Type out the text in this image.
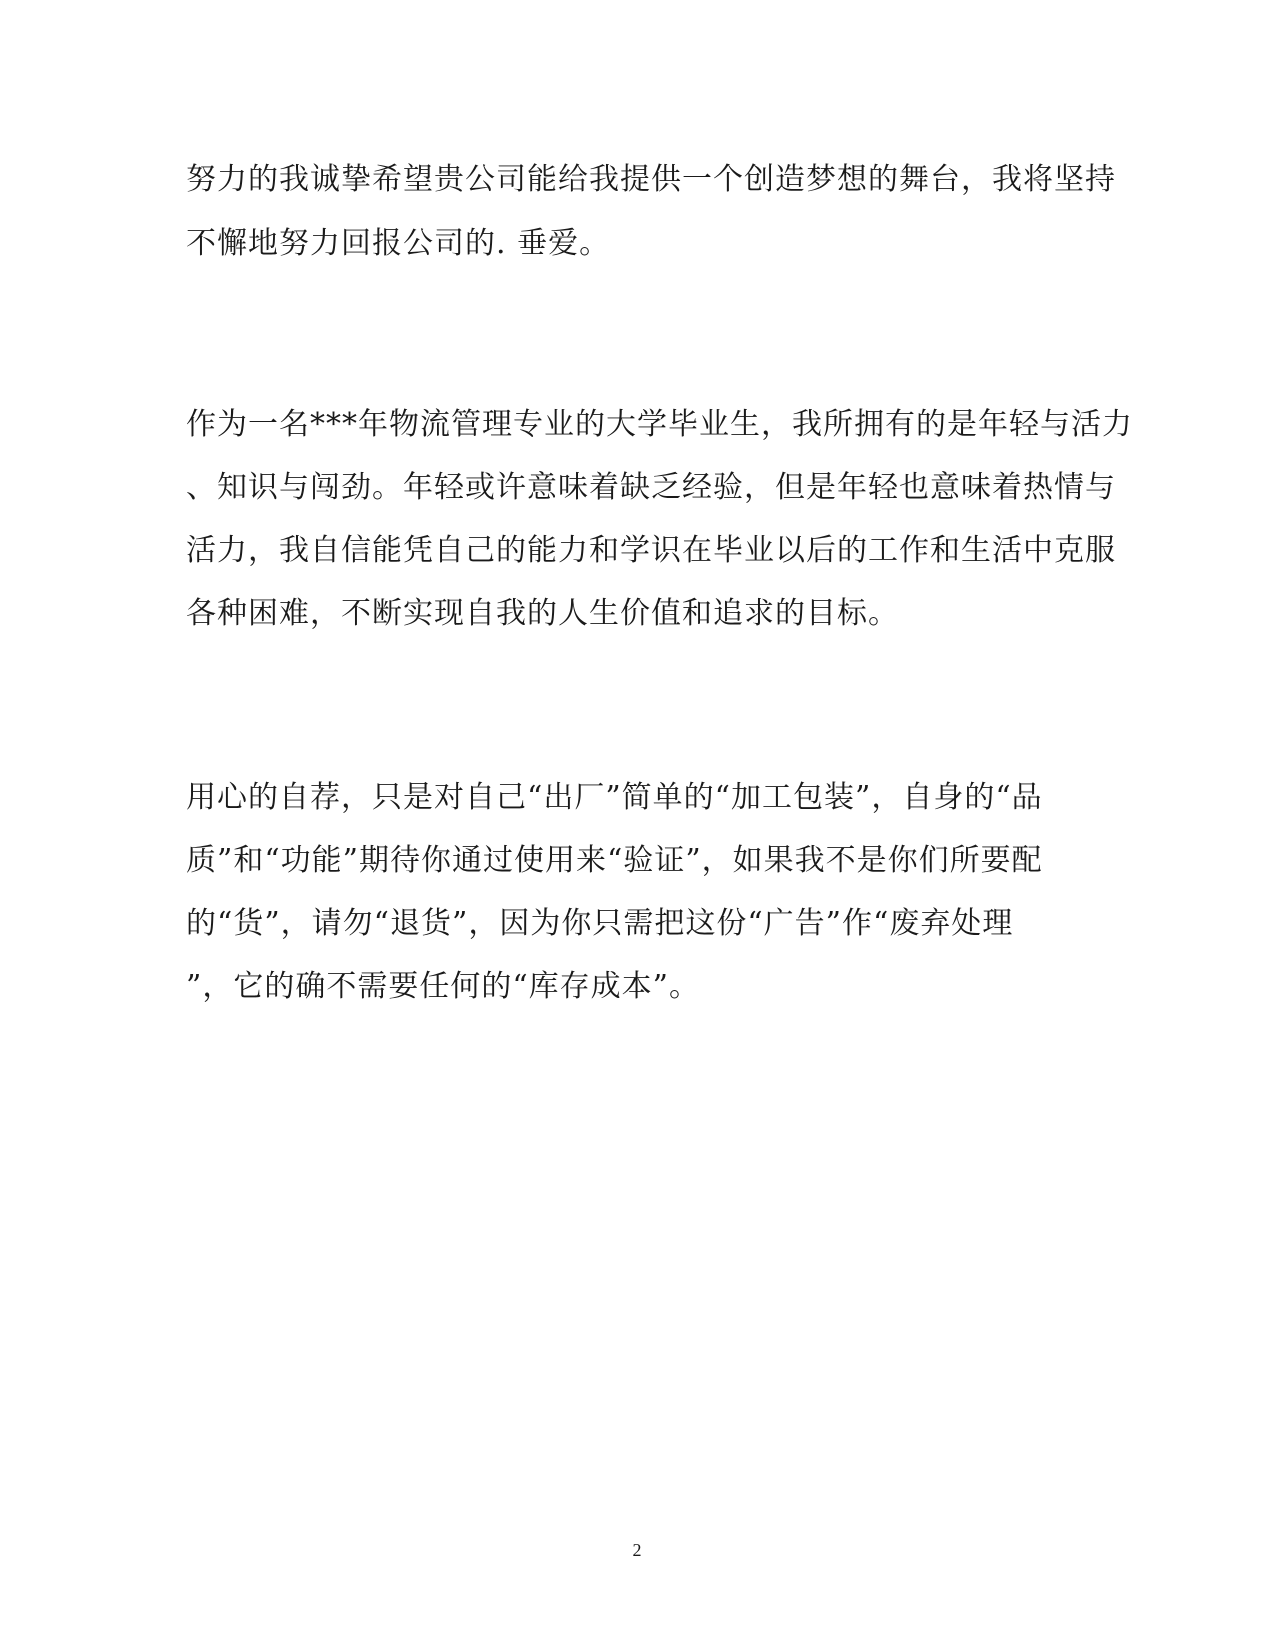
努力的我诚挚希望贵公司能给我提供一个创造梦想的舞台，我将坚持
不懈地努力回报公司的. 垂爱。
作为一名***年物流管理专业的大学毕业生，我所拥有的是年轻与活力
、知识与闯劲。年轻或许意味着缺乏经验，但是年轻也意味着热情与
活力，我自信能凭自己的能力和学识在毕业以后的工作和生活中克服
各种困难，不断实现自我的人生价值和追求的目标。
用心的自荐，只是对自己“出厂”简单的“加工包装”，自身的“品
质”和“功能”期待你通过使用来“验证”，如果我不是你们所要配
的“货”，请勿“退货”，因为你只需把这份“广告”作“废弃处理
”，它的确不需要任何的“库存成本”。
2
